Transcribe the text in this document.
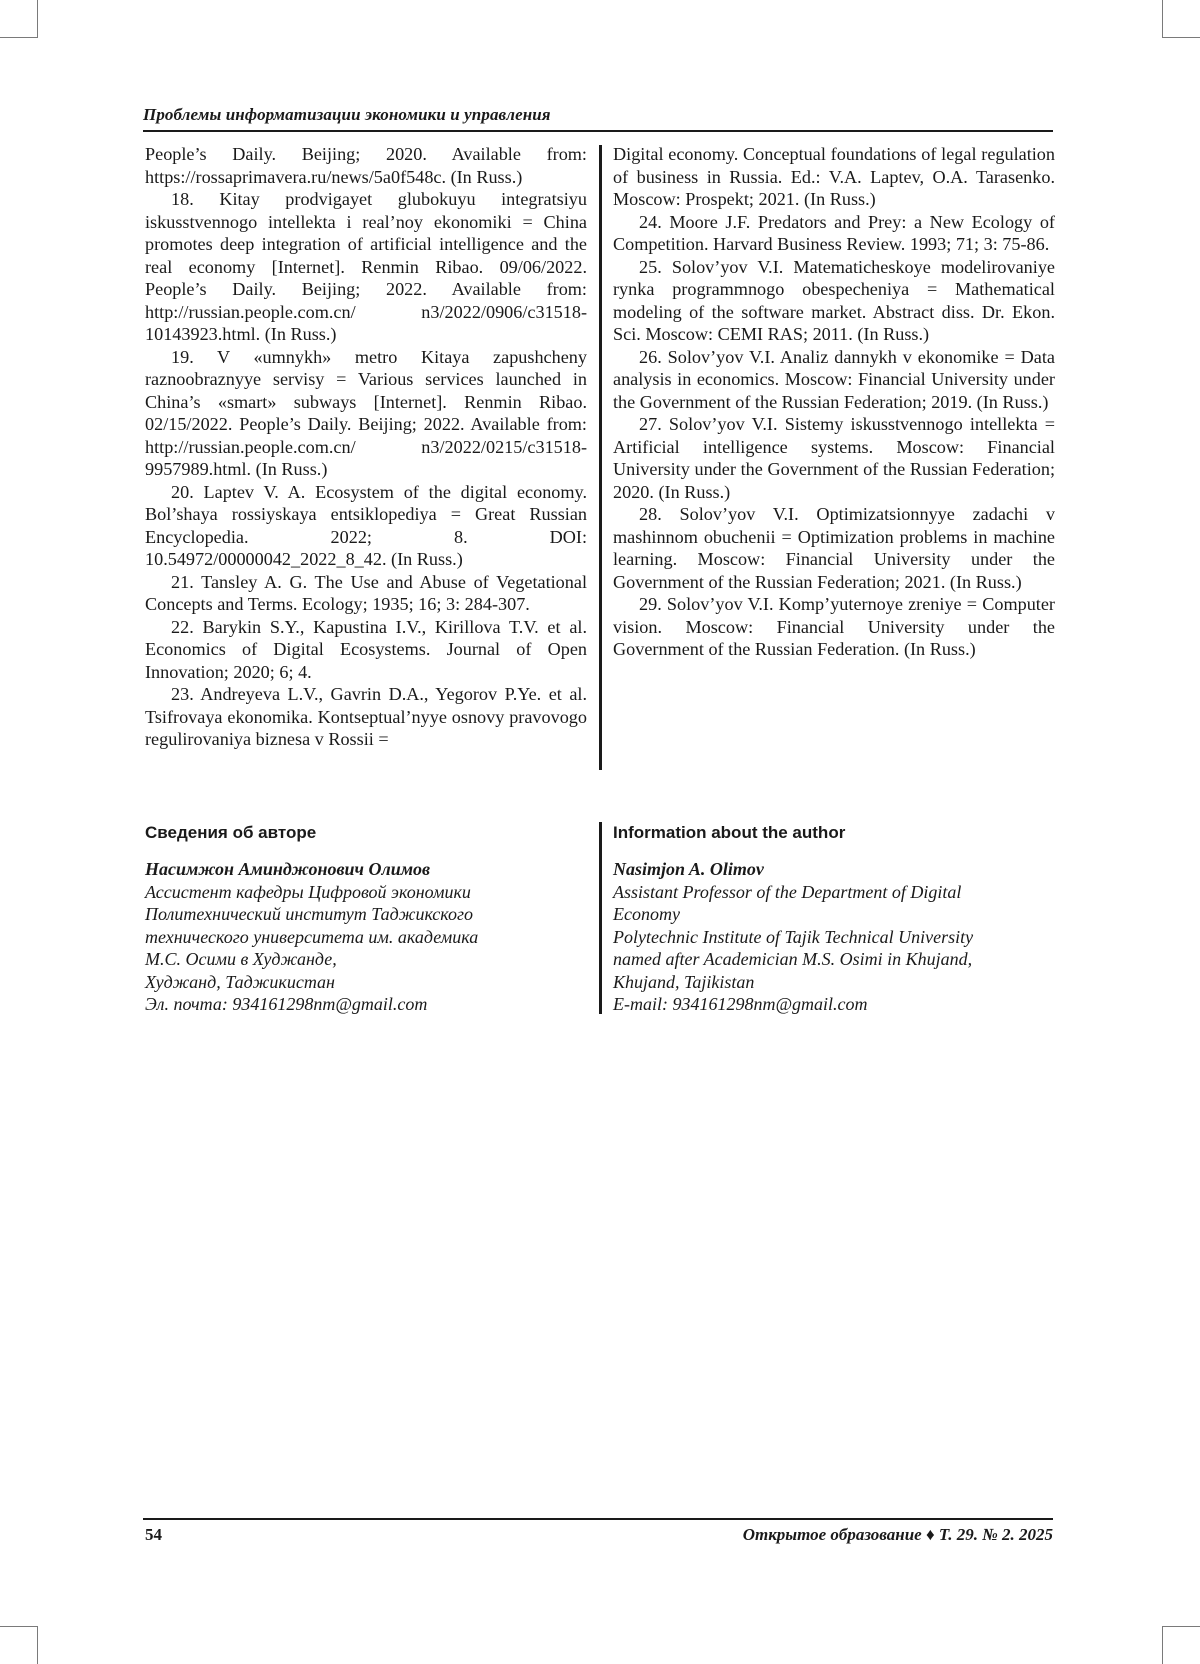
Проблемы информатизации экономики и управления

People’s Daily. Beijing; 2020. Available from: https://rossaprimavera.ru/news/5a0f548c. (In Russ.)

18. Kitay prodvigayet glubokuyu integratsiyu iskusstvennogo intellekta i real’noy ekonomiki = China promotes deep integration of artificial intelligence and the real economy [Internet]. Renmin Ribao. 09/06/2022. People’s Daily. Beijing; 2022. Available from: http://russian.people.com.cn/ n3/2022/0906/c31518-10143923.html. (In Russ.)

19. V «umnykh» metro Kitaya zapushcheny raznoobraznyye servisy = Various services launched in China’s «smart» subways [Internet]. Renmin Ribao. 02/15/2022. People’s Daily. Beijing; 2022. Available from: http://russian.people.com.cn/ n3/2022/0215/c31518-9957989.html. (In Russ.)

20. Laptev V. A. Ecosystem of the digital economy. Bol’shaya rossiyskaya entsiklopediya = Great Russian Encyclopedia. 2022; 8. DOI: 10.54972/00000042_2022_8_42. (In Russ.)

21. Tansley A. G. The Use and Abuse of Vegetational Concepts and Terms. Ecology; 1935; 16; 3: 284-307.

22. Barykin S.Y., Kapustina I.V., Kirillova T.V. et al. Economics of Digital Ecosystems. Journal of Open Innovation; 2020; 6; 4.

23. Andreyeva L.V., Gavrin D.A., Yegorov P.Ye. et al. Tsifrovaya ekonomika. Kontseptual’nyye osnovy pravovogo regulirovaniya biznesa v Rossii =

Digital economy. Conceptual foundations of legal regulation of business in Russia. Ed.: V.A. Laptev, O.A. Tarasenko. Moscow: Prospekt; 2021. (In Russ.)

24. Moore J.F. Predators and Prey: a New Ecology of Competition. Harvard Business Review. 1993; 71; 3: 75-86.

25. Solov’yov V.I. Matematicheskoye modelirovaniye rynka programmnogo obespecheniya = Mathematical modeling of the software market. Abstract diss. Dr. Ekon. Sci. Moscow: CEMI RAS; 2011. (In Russ.)

26. Solov’yov V.I. Analiz dannykh v ekonomike = Data analysis in economics. Moscow: Financial University under the Government of the Russian Federation; 2019. (In Russ.)

27. Solov’yov V.I. Sistemy iskusstvennogo intellekta = Artificial intelligence systems. Moscow: Financial University under the Government of the Russian Federation; 2020. (In Russ.)

28. Solov’yov V.I. Optimizatsionnyye zadachi v mashinnom obuchenii = Optimization problems in machine learning. Moscow: Financial University under the Government of the Russian Federation; 2021. (In Russ.)

29. Solov’yov V.I. Komp’yuternoye zreniye = Computer vision. Moscow: Financial University under the Government of the Russian Federation. (In Russ.)

Сведения об авторе
Насимжон Аминджонович Олимов
Ассистент кафедры Цифровой экономики
Политехнический институт Таджикского
технического университета им. академика
М.С. Осими в Худжанде,
Худжанд, Таджикистан
Эл. почта: 934161298nm@gmail.com
Information about the author
Nasimjon A. Olimov
Assistant Professor of the Department of Digital
Economy
Polytechnic Institute of Tajik Technical University
named after Academician M.S. Osimi in Khujand,
Khujand, Tajikistan
E-mail: 934161298nm@gmail.com
54	Открытое образование ♦ Т. 29. № 2. 2025
